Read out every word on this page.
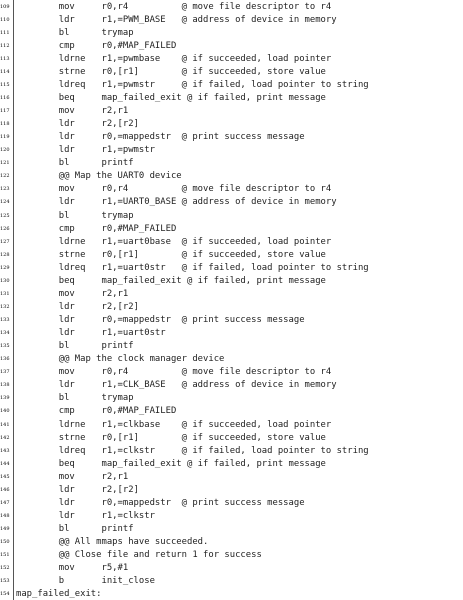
109 mov     r0,r4          @ move file descriptor to r4
110 ldr     r1,=PWM_BASE   @ address of device in memory
111 bl      trymap
112 cmp     r0,#MAP_FAILED
113 ldrne   r1,=pwmbase    @ if succeeded, load pointer
114 strne   r0,[r1]        @ if succeeded, store value
115 ldreq   r1,=pwmstr     @ if failed, load pointer to string
116 beq     map_failed_exit @ if failed, print message
117 mov     r2,r1
118 ldr     r2,[r2]
119 ldr     r0,=mappedstr  @ print success message
120 ldr     r1,=pwmstr
121 bl      printf
122 @@ Map the UART0 device
123 mov     r0,r4          @ move file descriptor to r4
124 ldr     r1,=UART0_BASE @ address of device in memory
125 bl      trymap
126 cmp     r0,#MAP_FAILED
127 ldrne   r1,=uart0base  @ if succeeded, load pointer
128 strne   r0,[r1]        @ if succeeded, store value
129 ldreq   r1,=uart0str   @ if failed, load pointer to string
130 beq     map_failed_exit @ if failed, print message
131 mov     r2,r1
132 ldr     r2,[r2]
133 ldr     r0,=mappedstr  @ print success message
134 ldr     r1,=uart0str
135 bl      printf
136 @@ Map the clock manager device
137 mov     r0,r4          @ move file descriptor to r4
138 ldr     r1,=CLK_BASE   @ address of device in memory
139 bl      trymap
140 cmp     r0,#MAP_FAILED
141 ldrne   r1,=clkbase    @ if succeeded, load pointer
142 strne   r0,[r1]        @ if succeeded, store value
143 ldreq   r1,=clkstr     @ if failed, load pointer to string
144 beq     map_failed_exit @ if failed, print message
145 mov     r2,r1
146 ldr     r2,[r2]
147 ldr     r0,=mappedstr  @ print success message
148 ldr     r1,=clkstr
149 bl      printf
150 @@ All mmaps have succeeded.
151 @@ Close file and return 1 for success
152 mov     r5,#1
153 b       init_close
154 map_failed_exit:
